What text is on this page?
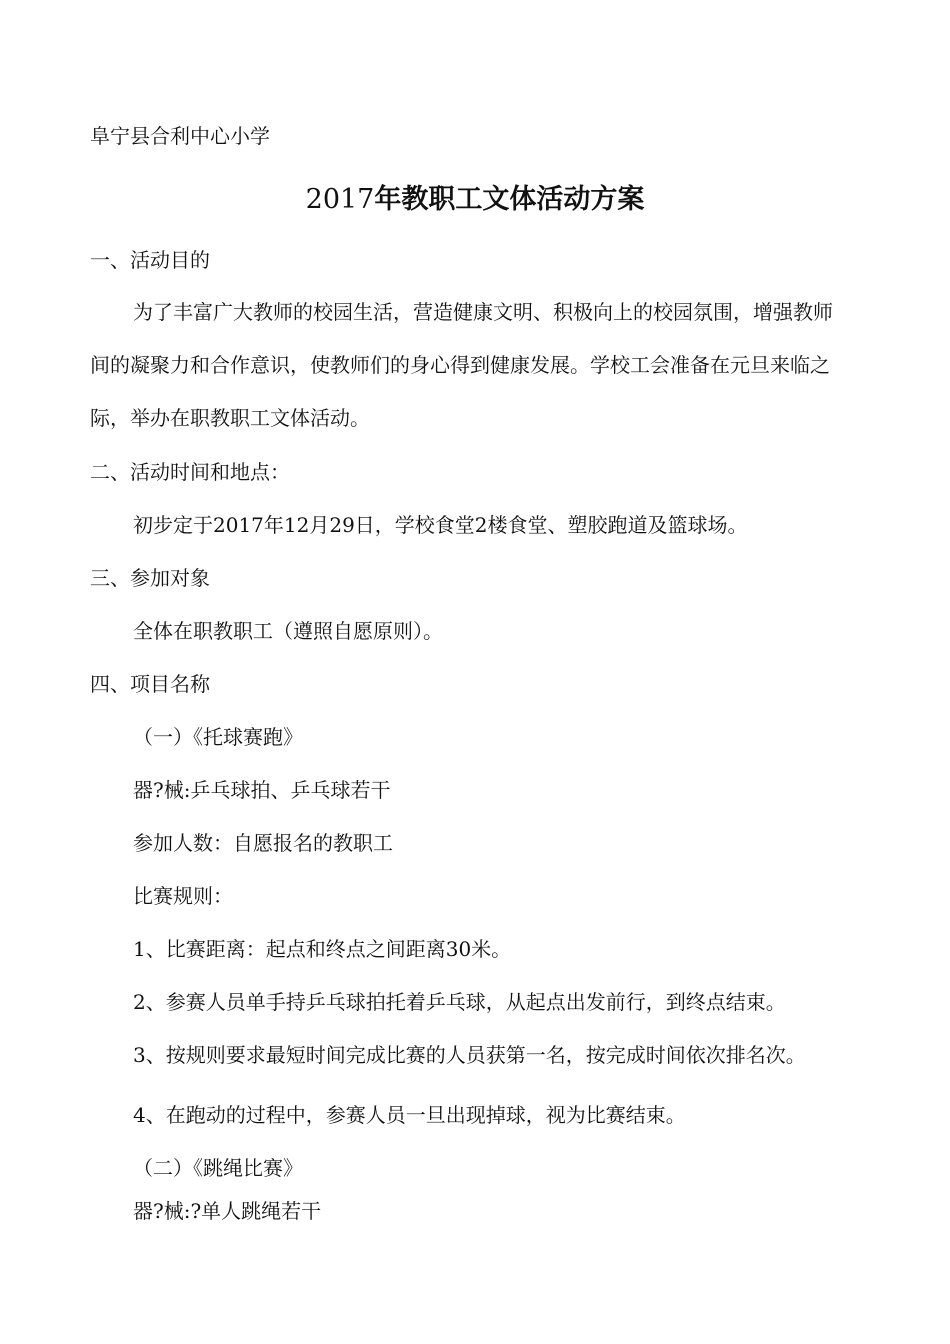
阜宁县合利中心小学
2017年教职工文体活动方案
一、活动目的
为了丰富广大教师的校园生活，营造健康文明、积极向上的校园氛围，增强教师间的凝聚力和合作意识，使教师们的身心得到健康发展。学校工会准备在元旦来临之际，举办在职教职工文体活动。
二、活动时间和地点：
初步定于2017年12月29日，学校食堂2楼食堂、塑胶跑道及篮球场。
三、参加对象
全体在职教职工（遵照自愿原则）。
四、项目名称
（一）《托球赛跑》
器?械:乒乓球拍、乒乓球若干
参加人数：自愿报名的教职工
比赛规则：
1、比赛距离：起点和终点之间距离30米。
2、参赛人员单手持乒乓球拍托着乒乓球，从起点出发前行，到终点结束。
3、按规则要求最短时间完成比赛的人员获第一名，按完成时间依次排名次。
4、在跑动的过程中，参赛人员一旦出现掉球，视为比赛结束。
（二）《跳绳比赛》
器?械:?单人跳绳若干
